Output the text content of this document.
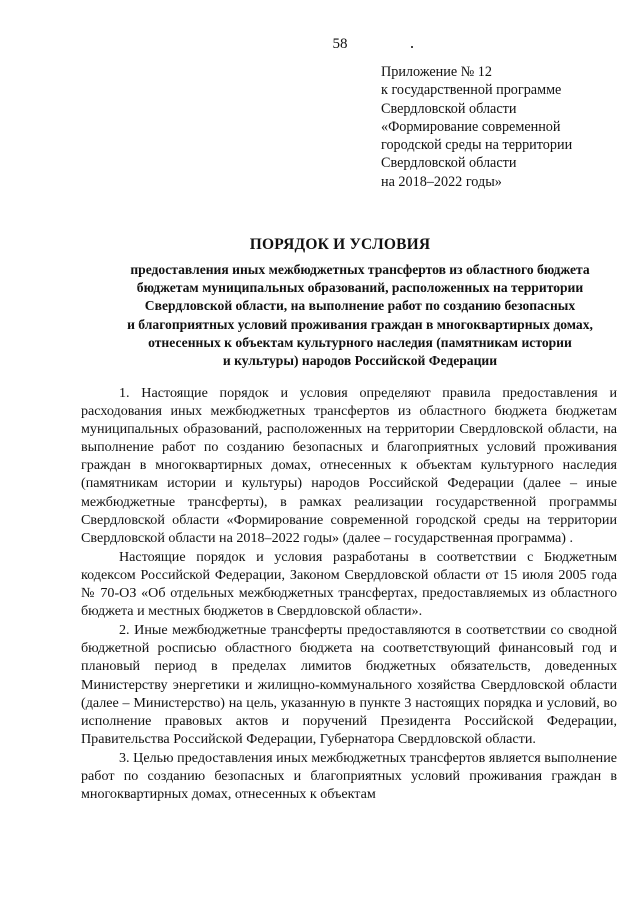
58
Приложение № 12
к государственной программе
Свердловской области
«Формирование современной
городской среды на территории
Свердловской области
на 2018–2022 годы»
ПОРЯДОК И УСЛОВИЯ
предоставления иных межбюджетных трансфертов из областного бюджета
бюджетам муниципальных образований, расположенных на территории
Свердловской области, на выполнение работ по созданию безопасных
и благоприятных условий проживания граждан в многоквартирных домах,
отнесенных к объектам культурного наследия (памятникам истории
и культуры) народов Российской Федерации

1. Настоящие порядок и условия определяют правила предоставления и расходования иных межбюджетных трансфертов из областного бюджета бюджетам муниципальных образований, расположенных на территории Свердловской области, на выполнение работ по созданию безопасных и благоприятных условий проживания граждан в многоквартирных домах, отнесенных к объектам культурного наследия (памятникам истории и культуры) народов Российской Федерации (далее – иные межбюджетные трансферты), в рамках реализации государственной программы Свердловской области «Формирование современной городской среды на территории Свердловской области на 2018–2022 годы» (далее – государственная программа) .

Настоящие порядок и условия разработаны в соответствии с Бюджетным кодексом Российской Федерации, Законом Свердловской области от 15 июля 2005 года № 70-ОЗ «Об отдельных межбюджетных трансфертах, предоставляемых из областного бюджета и местных бюджетов в Свердловской области».

2. Иные межбюджетные трансферты предоставляются в соответствии со сводной бюджетной росписью областного бюджета на соответствующий финансовый год и плановый период в пределах лимитов бюджетных обязательств, доведенных Министерству энергетики и жилищно-коммунального хозяйства Свердловской области (далее – Министерство) на цель, указанную в пункте 3 настоящих порядка и условий, во исполнение правовых актов и поручений Президента Российской Федерации, Правительства Российской Федерации, Губернатора Свердловской области.

3. Целью предоставления иных межбюджетных трансфертов является выполнение работ по созданию безопасных и благоприятных условий проживания граждан в многоквартирных домах, отнесенных к объектам
